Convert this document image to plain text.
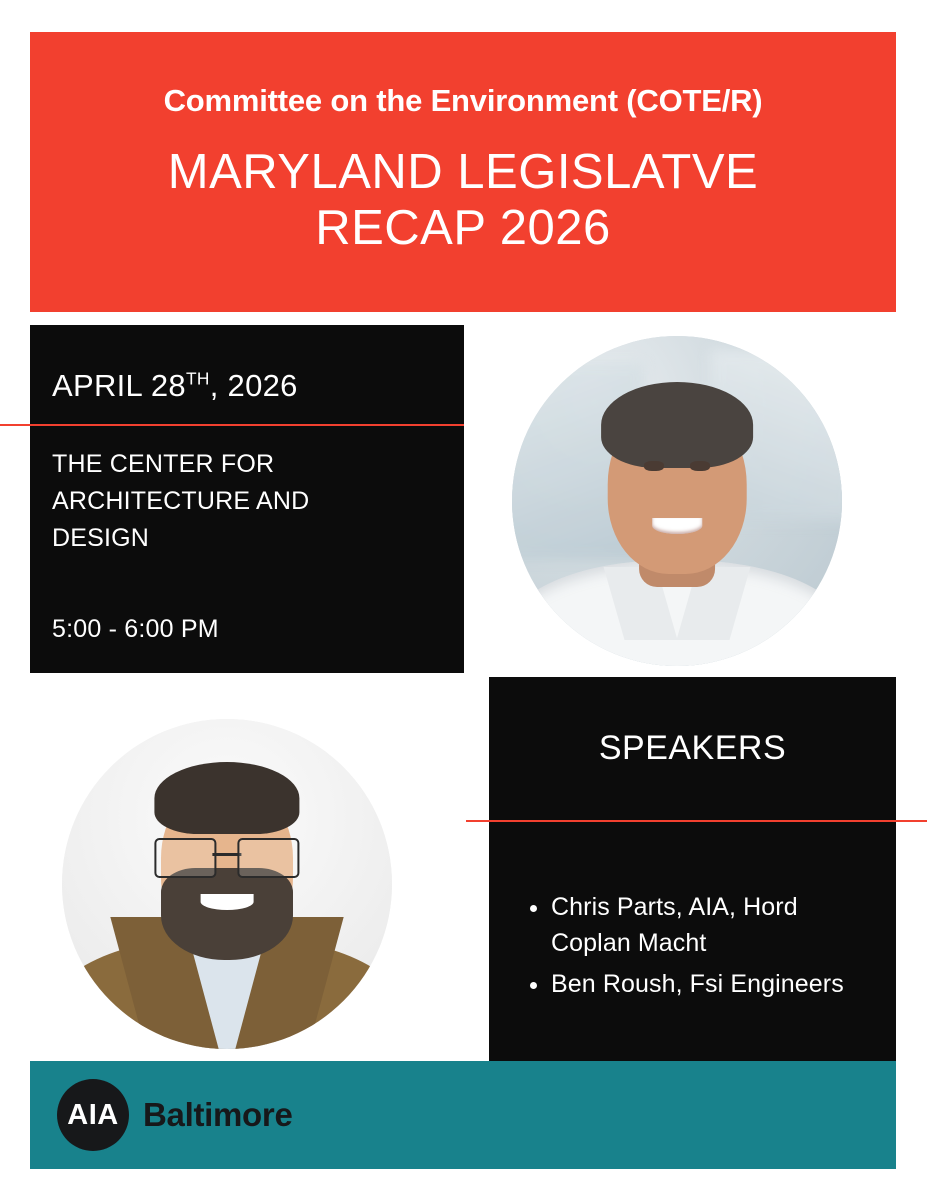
Committee on the Environment (COTE/R)
MARYLAND LEGISLATVE
RECAP 2026
APRIL 28TH, 2026
THE CENTER FOR
ARCHITECTURE AND
DESIGN
5:00 - 6:00 PM
SPEAKERS
• Chris Parts, AIA, Hord Coplan Macht
• Ben Roush, Fsi Engineers
AIA Baltimore
